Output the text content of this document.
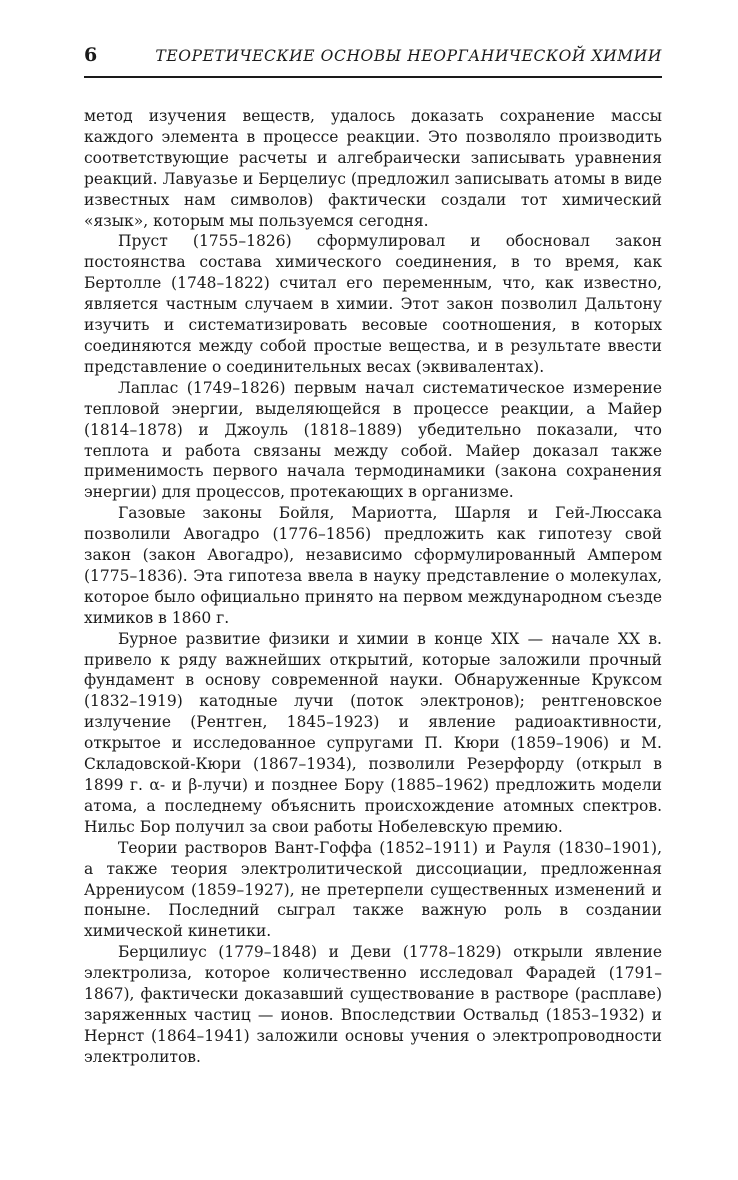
6	ТЕОРЕТИЧЕСКИЕ ОСНОВЫ НЕОРГАНИЧЕСКОЙ ХИМИИ

метод изучения веществ, удалось доказать сохранение массы каждого элемента в процессе реакции. Это позволяло производить соответствующие расчеты и алгебраически записывать уравнения реакций. Лавуазье и Берцелиус (предложил записывать атомы в виде известных нам символов) фактически создали тот химический «язык», которым мы пользуемся сегодня.

Пруст (1755–1826) сформулировал и обосновал закон постоянства состава химического соединения, в то время, как Бертолле (1748–1822) считал его переменным, что, как известно, является частным случаем в химии. Этот закон позволил Дальтону изучить и систематизировать весовые соотношения, в которых соединяются между собой простые вещества, и в результате ввести представление о соединительных весах (эквивалентах).

Лаплас (1749–1826) первым начал систематическое измерение тепловой энергии, выделяющейся в процессе реакции, а Майер (1814–1878) и Джоуль (1818–1889) убедительно показали, что теплота и работа связаны между собой. Майер доказал также применимость первого начала термодинамики (закона сохранения энергии) для процессов, протекающих в организме.

Газовые законы Бойля, Мариотта, Шарля и Гей-Люссака позволили Авогадро (1776–1856) предложить как гипотезу свой закон (закон Авогадро), независимо сформулированный Ампером (1775–1836). Эта гипотеза ввела в науку представление о молекулах, которое было официально принято на первом международном съезде химиков в 1860 г.

Бурное развитие физики и химии в конце XIX — начале XX в. привело к ряду важнейших открытий, которые заложили прочный фундамент в основу современной науки. Обнаруженные Круксом (1832–1919) катодные лучи (поток электронов); рентгеновское излучение (Рентген, 1845–1923) и явление радиоактивности, открытое и исследованное супругами П. Кюри (1859–1906) и М. Складовской-Кюри (1867–1934), позволили Резерфорду (открыл в 1899 г. α- и β-лучи) и позднее Бору (1885–1962) предложить модели атома, а последнему объяснить происхождение атомных спектров. Нильс Бор получил за свои работы Нобелевскую премию.

Теории растворов Вант-Гоффа (1852–1911) и Рауля (1830–1901), а также теория электролитической диссоциации, предложенная Аррениусом (1859–1927), не претерпели существенных изменений и поныне. Последний сыграл также важную роль в создании химической кинетики.

Берцилиус (1779–1848) и Деви (1778–1829) открыли явление электролиза, которое количественно исследовал Фарадей (1791–1867), фактически доказавший существование в растворе (расплаве) заряженных частиц — ионов. Впоследствии Оствальд (1853–1932) и Нернст (1864–1941) заложили основы учения о электропроводности электролитов.
